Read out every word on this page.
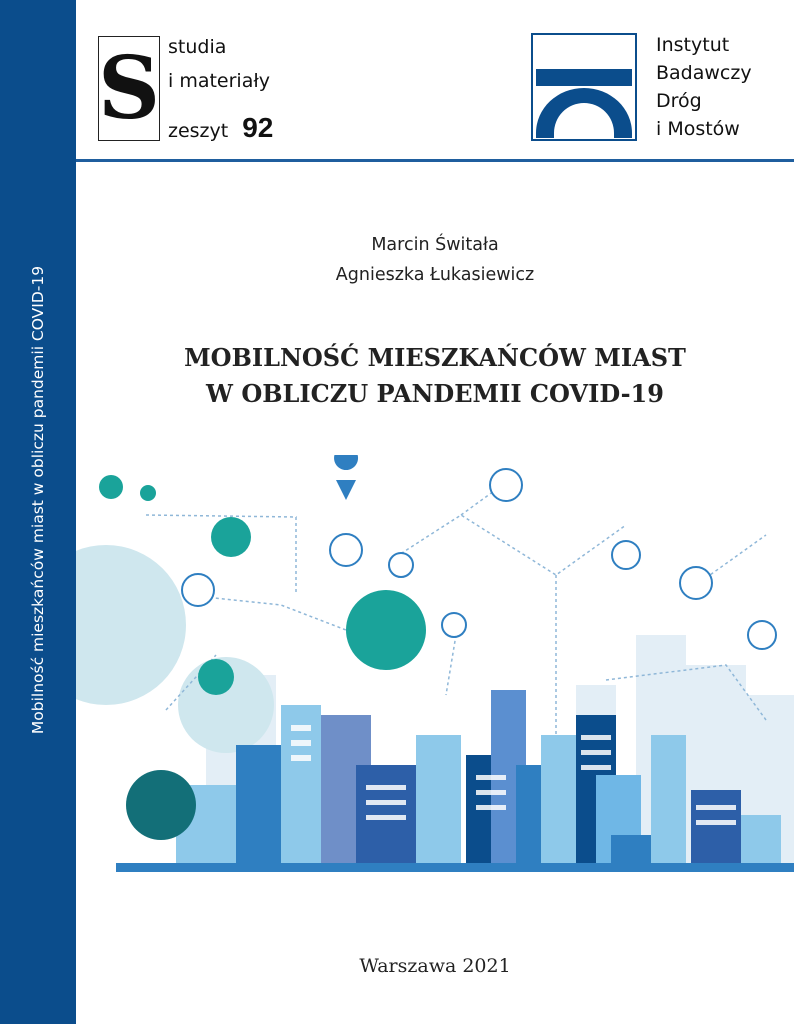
Mobilność mieszkańców miast w obliczu pandemii COVID-19
S studia
i materiały
zeszyt 92
Instytut
Badawczy
Dróg
i Mostów
Marcin Świtała
Agnieszka Łukasiewicz
MOBILNOŚĆ MIESZKAŃCÓW MIAST
W OBLICZU PANDEMII COVID-19
Warszawa 2021
